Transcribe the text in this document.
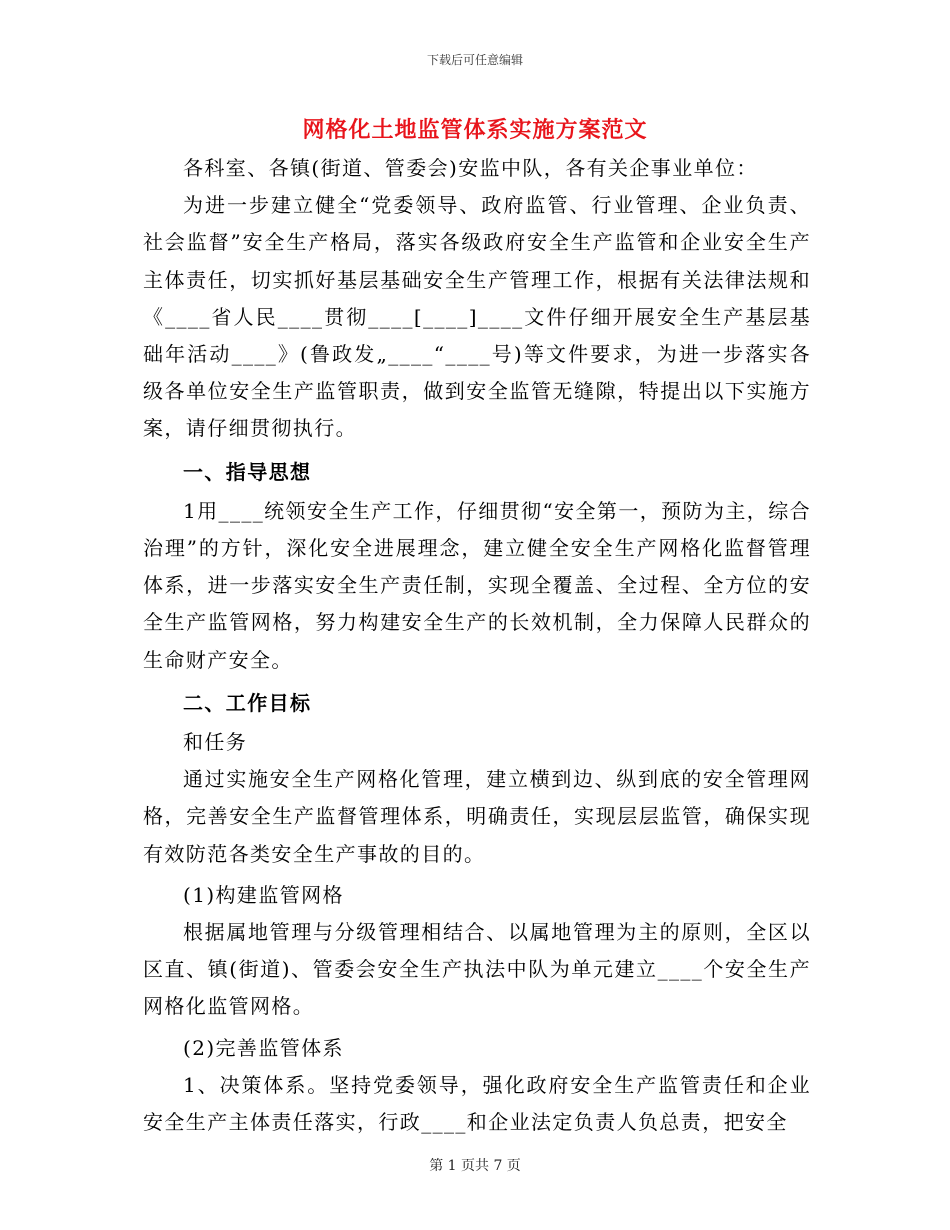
下载后可任意编辑
网格化土地监管体系实施方案范文

各科室、各镇(街道、管委会)安监中队，各有关企事业单位：

为进一步建立健全“党委领导、政府监管、行业管理、企业负责、社会监督”安全生产格局，落实各级政府安全生产监管和企业安全生产主体责任，切实抓好基层基础安全生产管理工作，根据有关法律法规和《____省人民____贯彻____[____]____文件仔细开展安全生产基层基础年活动____》(鲁政发„____“____号)等文件要求，为进一步落实各级各单位安全生产监管职责，做到安全监管无缝隙，特提出以下实施方案，请仔细贯彻执行。

一、指导思想

1用____统领安全生产工作，仔细贯彻“安全第一，预防为主，综合治理”的方针，深化安全进展理念，建立健全安全生产网格化监督管理体系，进一步落实安全生产责任制，实现全覆盖、全过程、全方位的安全生产监管网格，努力构建安全生产的长效机制，全力保障人民群众的生命财产安全。

二、工作目标

和任务

通过实施安全生产网格化管理，建立横到边、纵到底的安全管理网格，完善安全生产监督管理体系，明确责任，实现层层监管，确保实现有效防范各类安全生产事故的目的。

(1)构建监管网格

根据属地管理与分级管理相结合、以属地管理为主的原则，全区以区直、镇(街道)、管委会安全生产执法中队为单元建立____个安全生产网格化监管网格。

(2)完善监管体系

1、决策体系。坚持党委领导，强化政府安全生产监管责任和企业安全生产主体责任落实，行政____和企业法定负责人负总责，把安全

第 1 页共 7 页
